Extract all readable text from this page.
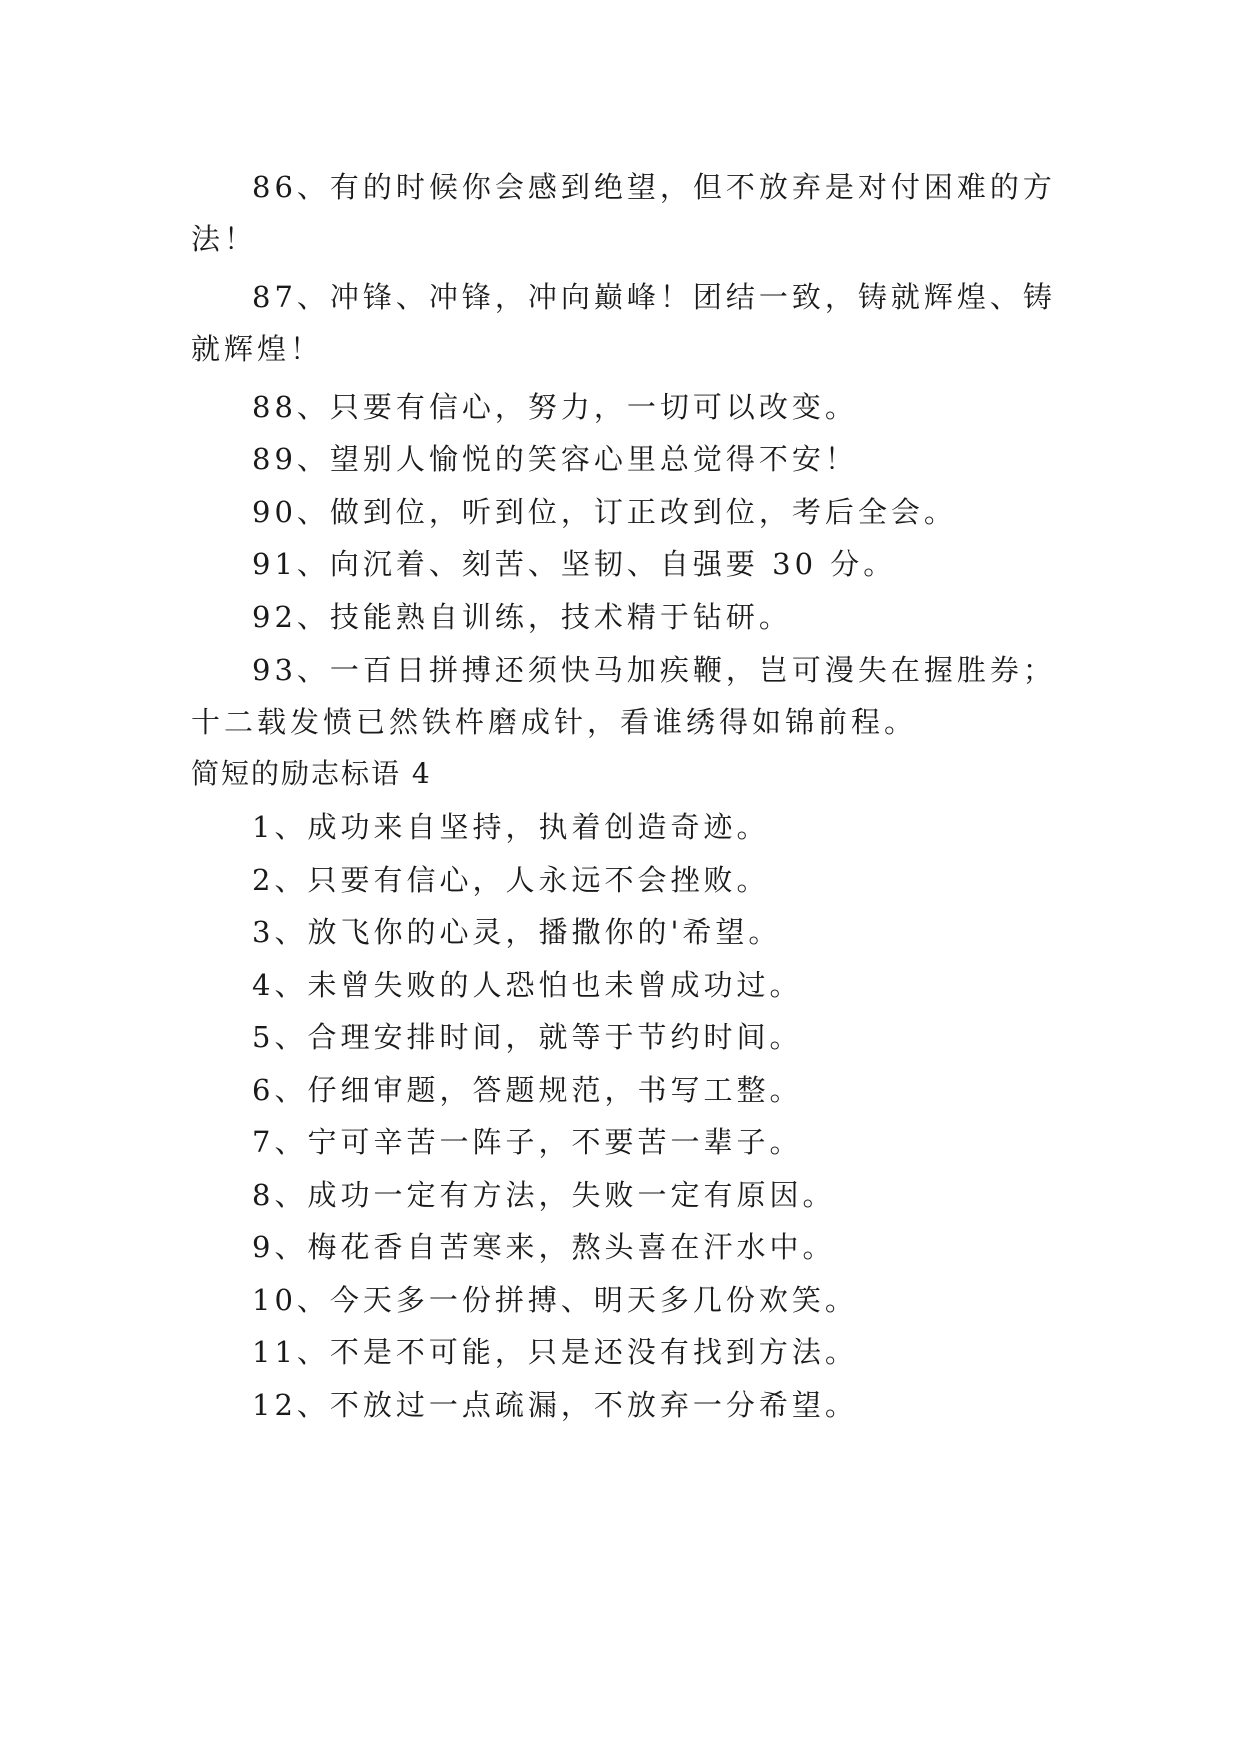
86、有的时候你会感到绝望，但不放弃是对付困难的方
法！
87、冲锋、冲锋，冲向巅峰！团结一致，铸就辉煌、铸
就辉煌！
88、只要有信心，努力，一切可以改变。
89、望别人愉悦的笑容心里总觉得不安！
90、做到位，听到位，订正改到位，考后全会。
91、向沉着、刻苦、坚韧、自强要 30 分。
92、技能熟自训练，技术精于钻研。
93、一百日拼搏还须快马加疾鞭，岂可漫失在握胜券；
十二载发愤已然铁杵磨成针，看谁绣得如锦前程。
简短的励志标语 4
1、成功来自坚持，执着创造奇迹。
2、只要有信心，人永远不会挫败。
3、放飞你的心灵，播撒你的'希望。
4、未曾失败的人恐怕也未曾成功过。
5、合理安排时间，就等于节约时间。
6、仔细审题，答题规范，书写工整。
7、宁可辛苦一阵子，不要苦一辈子。
8、成功一定有方法，失败一定有原因。
9、梅花香自苦寒来，熬头喜在汗水中。
10、今天多一份拼搏、明天多几份欢笑。
11、不是不可能，只是还没有找到方法。
12、不放过一点疏漏，不放弃一分希望。
